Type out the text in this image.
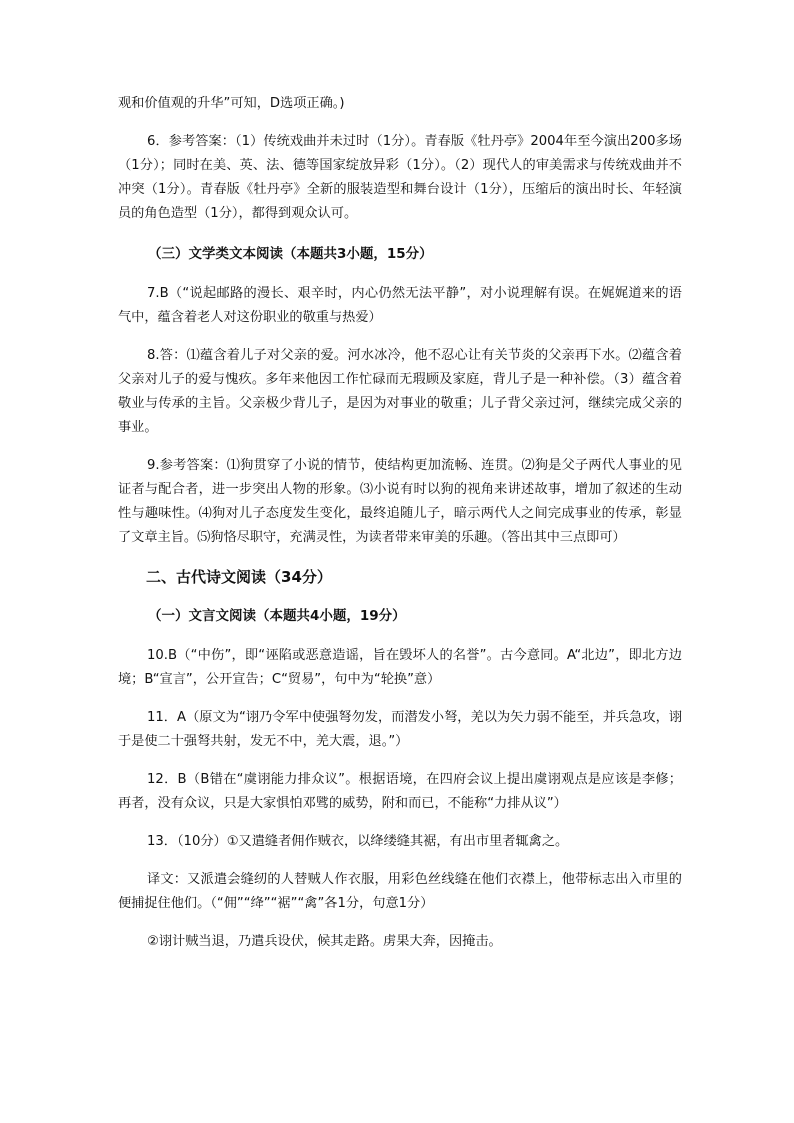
观和价值观的升华”可知，D选项正确。)

6．参考答案：（1）传统戏曲并未过时（1分）。青春版《牡丹亭》2004年至今演出200多场（1分）；同时在美、英、法、德等国家绽放异彩（1分）。（2）现代人的审美需求与传统戏曲并不冲突（1分）。青春版《牡丹亭》全新的服装造型和舞台设计（1分），压缩后的演出时长、年轻演员的角色造型（1分），都得到观众认可。

（三）文学类文本阅读（本题共3小题，15分）

7.B（“说起邮路的漫长、艰辛时，内心仍然无法平静”，对小说理解有误。在娓娓道来的语气中，蕴含着老人对这份职业的敬重与热爱）

8.答：⑴蕴含着儿子对父亲的爱。河水冰冷，他不忍心让有关节炎的父亲再下水。⑵蕴含着父亲对儿子的爱与愧疚。多年来他因工作忙碌而无瑕顾及家庭，背儿子是一种补偿。（3）蕴含着敬业与传承的主旨。父亲极少背儿子，是因为对事业的敬重；儿子背父亲过河，继续完成父亲的事业。

9.参考答案：⑴狗贯穿了小说的情节，使结构更加流畅、连贯。⑵狗是父子两代人事业的见证者与配合者，进一步突出人物的形象。⑶小说有时以狗的视角来讲述故事，增加了叙述的生动性与趣味性。⑷狗对儿子态度发生变化，最终追随儿子，暗示两代人之间完成事业的传承，彰显了文章主旨。⑸狗恪尽职守，充满灵性，为读者带来审美的乐趣。（答出其中三点即可）

二、古代诗文阅读（34分）

（一）文言文阅读（本题共4小题，19分）

10.B（“中伤”，即“诬陷或恶意造谣，旨在毁坏人的名誉”。古今意同。A“北边”，即北方边境；B“宣言”，公开宣告；C“贸易”，句中为“轮换”意）

11．A（原文为“诩乃令军中使强弩勿发，而潜发小弩，羌以为矢力弱不能至，并兵急攻，诩于是使二十强弩共射，发无不中，羌大震，退。”）

12．B（B错在“虞诩能力排众议”。根据语境，在四府会议上提出虞诩观点是应该是李修；再者，没有众议，只是大家惧怕邓骘的威势，附和而已，不能称“力排从议”）

13．（10分）①又遣缝者佣作贼衣，以绛缕缝其裾，有出市里者辄禽之。

译文：又派遣会缝纫的人替贼人作衣服，用彩色丝线缝在他们衣襟上，他带标志出入市里的便捕捉住他们。（“佣”“绛”“裾”“禽”各1分，句意1分）

②诩计贼当退，乃遣兵设伏，候其走路。虏果大奔，因掩击。
